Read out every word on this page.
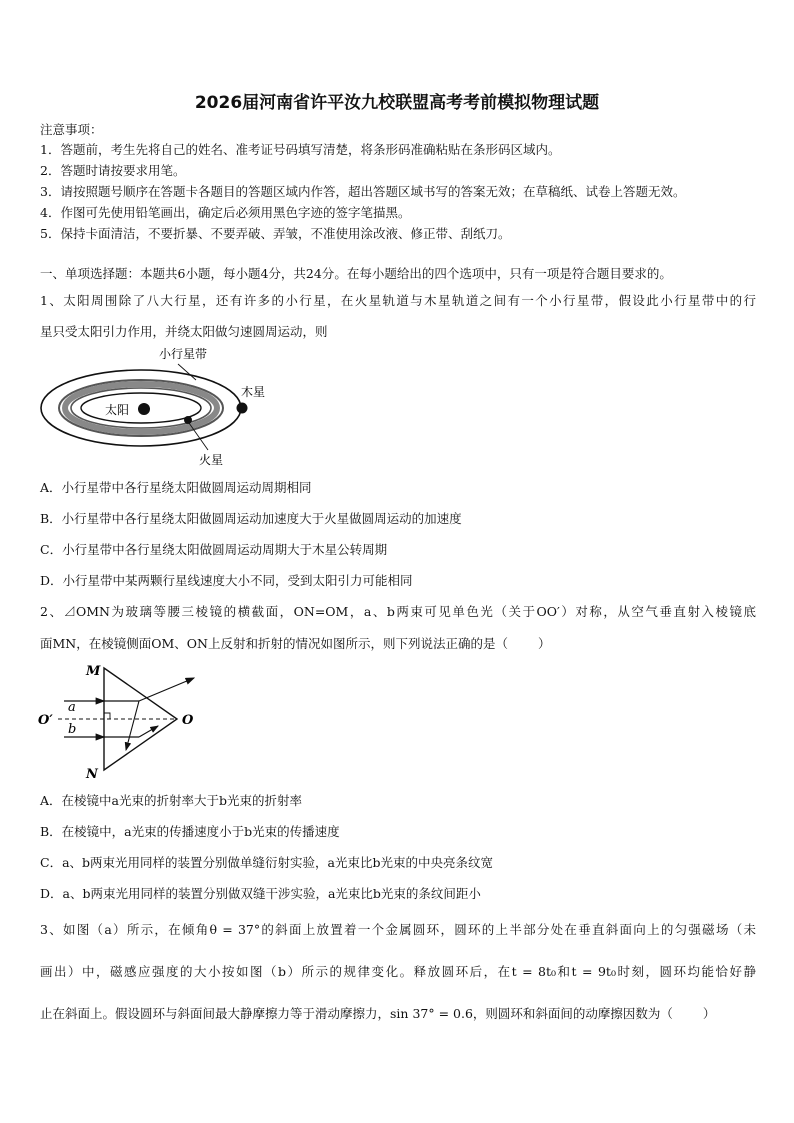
2026届河南省许平汝九校联盟高考考前模拟物理试题
注意事项：
1．答题前，考生先将自己的姓名、准考证号码填写清楚，将条形码准确粘贴在条形码区域内。
2．答题时请按要求用笔。
3．请按照题号顺序在答题卡各题目的答题区域内作答，超出答题区域书写的答案无效；在草稿纸、试卷上答题无效。
4．作图可先使用铅笔画出，确定后必须用黑色字迹的签字笔描黑。
5．保持卡面清洁，不要折暴、不要弄破、弄皱，不准使用涂改液、修正带、刮纸刀。
一、单项选择题：本题共6小题，每小题4分，共24分。在每小题给出的四个选项中，只有一项是符合题目要求的。
1、太阳周围除了八大行星，还有许多的小行星，在火星轨道与木星轨道之间有一个小行星带，假设此小行星带中的行
星只受太阳引力作用，并绕太阳做匀速圆周运动，则
太阳
木星
火星
小行星带
A．小行星带中各行星绕太阳做圆周运动周期相同
B．小行星带中各行星绕太阳做圆周运动加速度大于火星做圆周运动的加速度
C．小行星带中各行星绕太阳做圆周运动周期大于木星公转周期
D．小行星带中某两颗行星线速度大小不同，受到太阳引力可能相同
2、⊿OMN为玻璃等腰三棱镜的横截面，ON=OM，a、b两束可见单色光（关于OO′）对称，从空气垂直射入棱镜底
面MN，在棱镜侧面OM、ON上反射和折射的情况如图所示，则下列说法正确的是（ ）
M
N
O
O′
a
b
A．在棱镜中a光束的折射率大于b光束的折射率
B．在棱镜中，a光束的传播速度小于b光束的传播速度
C．a、b两束光用同样的装置分别做单缝衍射实验，a光束比b光束的中央亮条纹宽
D．a、b两束光用同样的装置分别做双缝干涉实验，a光束比b光束的条纹间距小
3、如图（a）所示，在倾角θ = 37°的斜面上放置着一个金属圆环，圆环的上半部分处在垂直斜面向上的匀强磁场（未
画出）中，磁感应强度的大小按如图（b）所示的规律变化。释放圆环后，在t = 8t₀和t = 9t₀时刻，圆环均能恰好静
止在斜面上。假设圆环与斜面间最大静摩擦力等于滑动摩擦力，sin 37° = 0.6，则圆环和斜面间的动摩擦因数为（ ）
